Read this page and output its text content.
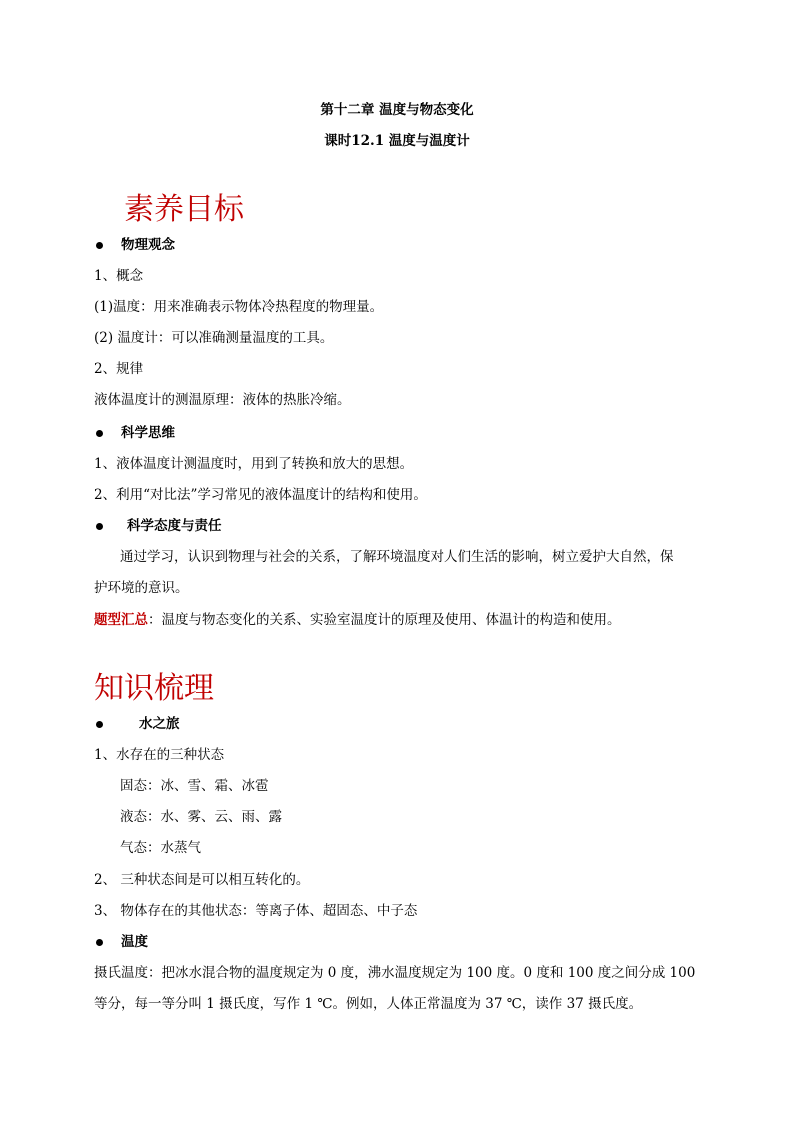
第十二章 温度与物态变化
课时12.1 温度与温度计
素养目标
物理观念
1、概念
(1)温度：用来准确表示物体冷热程度的物理量。
(2) 温度计：可以准确测量温度的工具。
2、规律
液体温度计的测温原理：液体的热胀冷缩。
科学思维
1、液体温度计测温度时，用到了转换和放大的思想。
2、利用“对比法”学习常见的液体温度计的结构和使用。
科学态度与责任
通过学习，认识到物理与社会的关系，了解环境温度对人们生活的影响，树立爱护大自然，保
护环境的意识。
题型汇总：温度与物态变化的关系、实验室温度计的原理及使用、体温计的构造和使用。
知识梳理
水之旅
1、水存在的三种状态
固态：冰、雪、霜、冰雹
液态：水、雾、云、雨、露
气态：水蒸气
2、 三种状态间是可以相互转化的。
3、 物体存在的其他状态：等离子体、超固态、中子态
温度
摄氏温度：把冰水混合物的温度规定为 0 度，沸水温度规定为 100 度。0 度和 100 度之间分成 100
等分，每一等分叫 1 摄氏度，写作 1 ℃。例如，人体正常温度为 37 ℃，读作 37 摄氏度。
